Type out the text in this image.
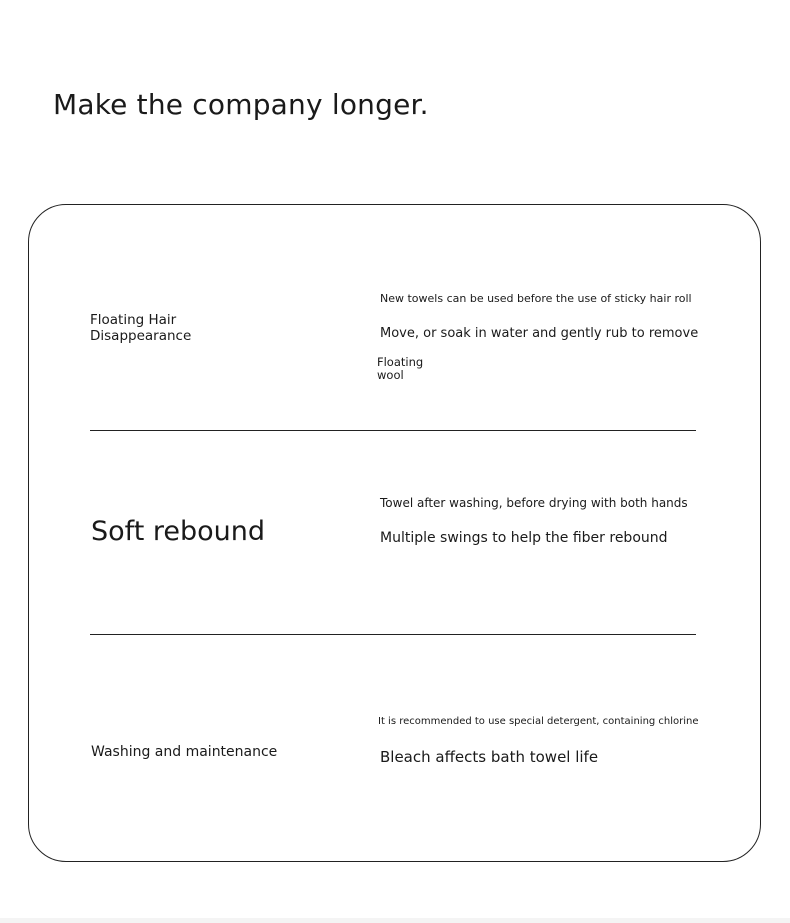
Make the company longer.
Floating Hair
Disappearance

New towels can be used before the use of sticky hair roll

Move, or soak in water and gently rub to remove

Floating
wool

Soft rebound

Towel after washing, before drying with both hands

Multiple swings to help the fiber rebound

Washing and maintenance

It is recommended to use special detergent, containing chlorine

Bleach affects bath towel life
